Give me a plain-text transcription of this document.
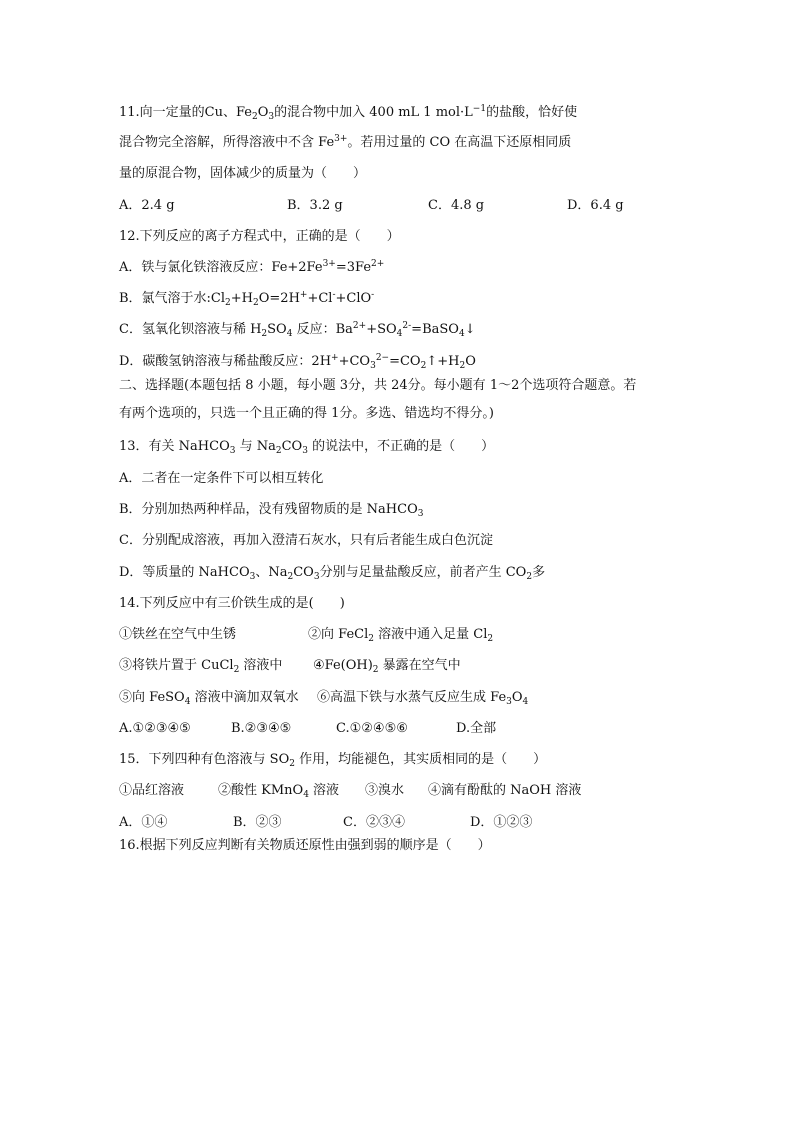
11.向一定量的Cu、$Fe_2O_3$的混合物中加入 400 mL 1 $mol\cdot L^{-1}$的盐酸，恰好使
混合物完全溶解，所得溶液中不含 $Fe^{3+}$。若用过量的 CO 在高温下还原相同质
量的原混合物，固体减少的质量为（　　）
A．2.4 g	B．3.2 g	C．4.8 g	D．6.4 g
12.下列反应的离子方程式中，正确的是（　　）
A．铁与氯化铁溶液反应：$Fe+2Fe^{3+}=3Fe^{2+}$
B．氯气溶于水$:Cl_2+H_2O=2H^++Cl^-+ClO^-$
C．氢氧化钡溶液与稀 $H_2SO_4$ 反应：$Ba^{2+}+SO_4^{2-}=BaSO_4↓$
D．碳酸氢钠溶液与稀盐酸反应：$2H^++CO_3^{2-}=CO_2↑+H_2O$
二、选择题(本题包括 8 小题，每小题 3分，共 24分。每小题有 1～2个选项符合题意。若
有两个选项的，只选一个且正确的得 1分。多选、错选均不得分。)
13．有关 NaHCO$_3$ 与 $Na_2CO_3$ 的说法中，不正确的是（　　）
A．二者在一定条件下可以相互转化
B．分别加热两种样品，没有残留物质的是 NaHCO$_3$
C．分别配成溶液，再加入澄清石灰水，只有后者能生成白色沉淀
D．等质量的 NaHCO$_3$、$Na_2CO_3$分别与足量盐酸反应，前者产生 $CO_2$多
14.下列反应中有三价铁生成的是(　　)
①铁丝在空气中生锈	②向 FeCl$_2$ 溶液中通入足量 $Cl_2$
③将铁片置于 CuCl$_2$ 溶液中 $④Fe(OH)_2$ 暴露在空气中
⑤向 FeSO$_4$ 溶液中滴加双氧水 ⑥高温下铁与水蒸气反应生成 $Fe_3O_4$
A.①②③④⑤	B.②③④⑤	C.①②④⑤⑥	D.全部
15．下列四种有色溶液与 $SO_2$ 作用，均能褪色，其实质相同的是（　　）
①品红溶液	②酸性 KMnO$_4$ 溶液 ③溴水 ④滴有酚酞的 NaOH 溶液
A．①④	B．②③	C．②③④	D．①②③
16.根据下列反应判断有关物质还原性由强到弱的顺序是（　　）
